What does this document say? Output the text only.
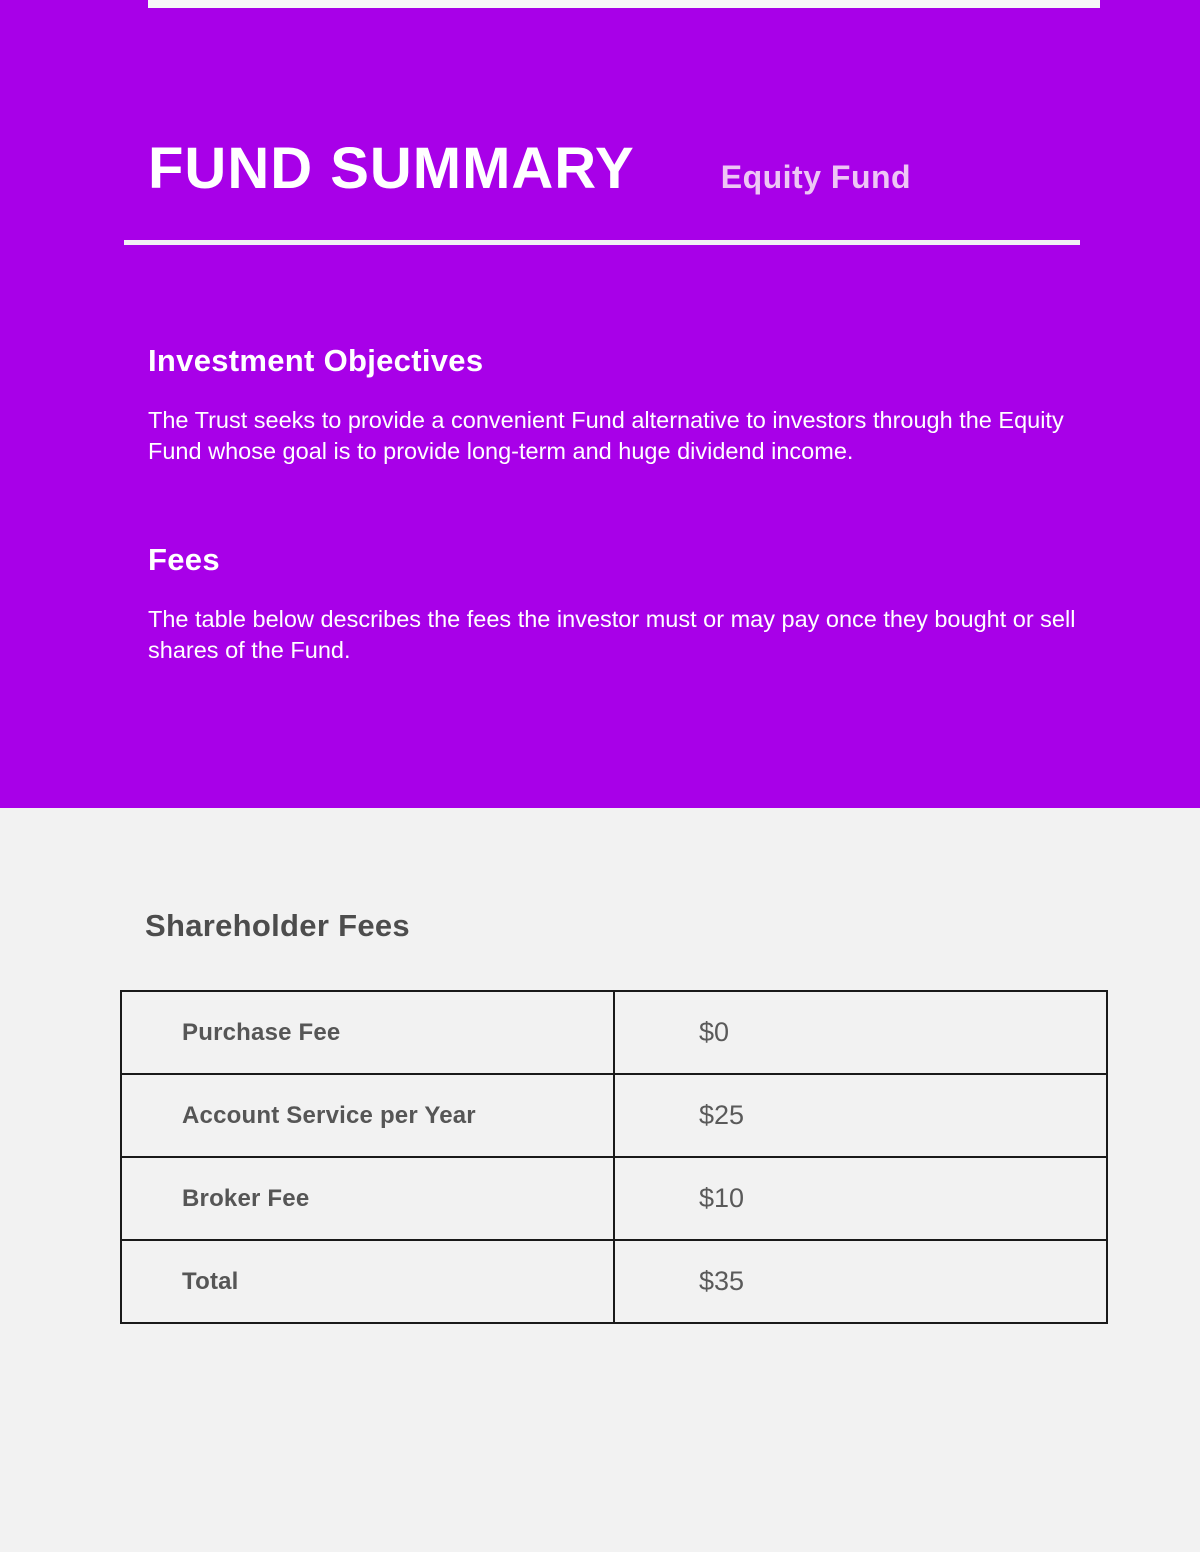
FUND SUMMARY	Equity Fund
Investment Objectives
The Trust seeks to provide a convenient Fund alternative to investors through the Equity Fund whose goal is to provide long-term and huge dividend income.
Fees
The table below describes the fees the investor must or may pay once they bought or sell shares of the Fund.
Shareholder Fees
Purchase Fee	$0
Account Service per Year	$25
Broker Fee	$10
Total	$35
